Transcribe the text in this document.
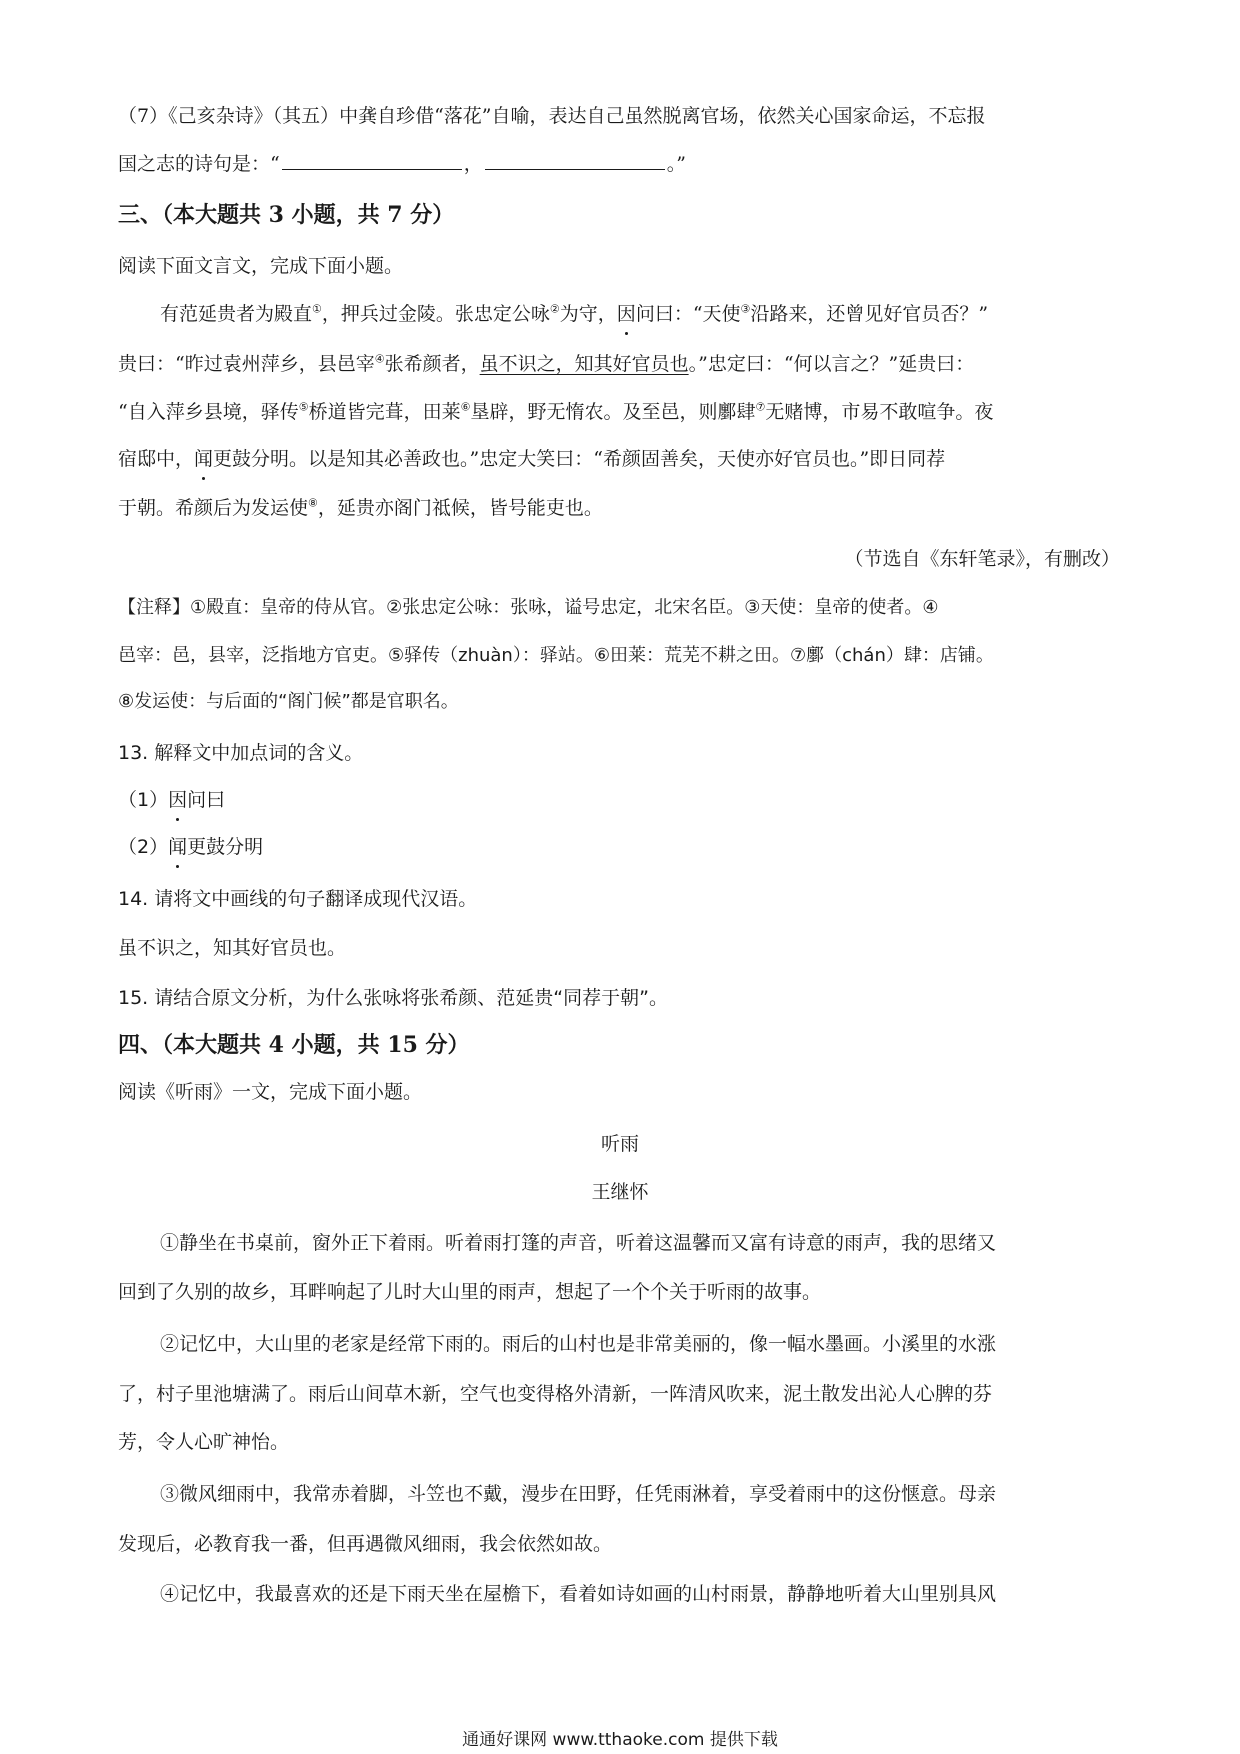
（7）《己亥杂诗》（其五）中龚自珍借“落花”自喻，表达自己虽然脱离官场，依然关心国家命运，不忘报
国之志的诗句是：“	，	。”
三、（本大题共 3 小题，共 7 分）
阅读下面文言文，完成下面小题。
有范延贵者为殿直①，押兵过金陵。张忠定公咏②为守，因问曰：“天使③沿路来，还曾见好官员否？”
贵曰：“昨过袁州萍乡，县邑宰④张希颜者，虽不识之，知其好官员也。”忠定曰：“何以言之？”延贵曰：
“自入萍乡县境，驿传⑤桥道皆完葺，田莱⑥垦辟，野无惰农。及至邑，则鄽肆⑦无赌博，市易不敢喧争。夜
宿邸中，闻更鼓分明。以是知其必善政也。”忠定大笑曰：“希颜固善矣，天使亦好官员也。”即日同荐
于朝。希颜后为发运使⑧，延贵亦阁门祗候，皆号能吏也。
（节选自《东轩笔录》，有删改）
【注释】①殿直：皇帝的侍从官。②张忠定公咏：张咏，谥号忠定，北宋名臣。③天使：皇帝的使者。④
邑宰：邑，县宰，泛指地方官吏。⑤驿传（zhuàn）：驿站。⑥田莱：荒芜不耕之田。⑦鄽（chán）肆：店铺。
⑧发运使：与后面的“阁门候”都是官职名。
13. 解释文中加点词的含义。
（1）因问曰
（2）闻更鼓分明
14. 请将文中画线的句子翻译成现代汉语。
虽不识之，知其好官员也。
15. 请结合原文分析，为什么张咏将张希颜、范延贵“同荐于朝”。
四、（本大题共 4 小题，共 15 分）
阅读《听雨》一文，完成下面小题。
听雨
王继怀
①静坐在书桌前，窗外正下着雨。听着雨打篷的声音，听着这温馨而又富有诗意的雨声，我的思绪又
回到了久别的故乡，耳畔响起了儿时大山里的雨声，想起了一个个关于听雨的故事。
②记忆中，大山里的老家是经常下雨的。雨后的山村也是非常美丽的，像一幅水墨画。小溪里的水涨
了，村子里池塘满了。雨后山间草木新，空气也变得格外清新，一阵清风吹来，泥土散发出沁人心脾的芬
芳，令人心旷神怡。
③微风细雨中，我常赤着脚，斗笠也不戴，漫步在田野，任凭雨淋着，享受着雨中的这份惬意。母亲
发现后，必教育我一番，但再遇微风细雨，我会依然如故。
④记忆中，我最喜欢的还是下雨天坐在屋檐下，看着如诗如画的山村雨景，静静地听着大山里别具风
通通好课网 www.tthaoke.com 提供下载
